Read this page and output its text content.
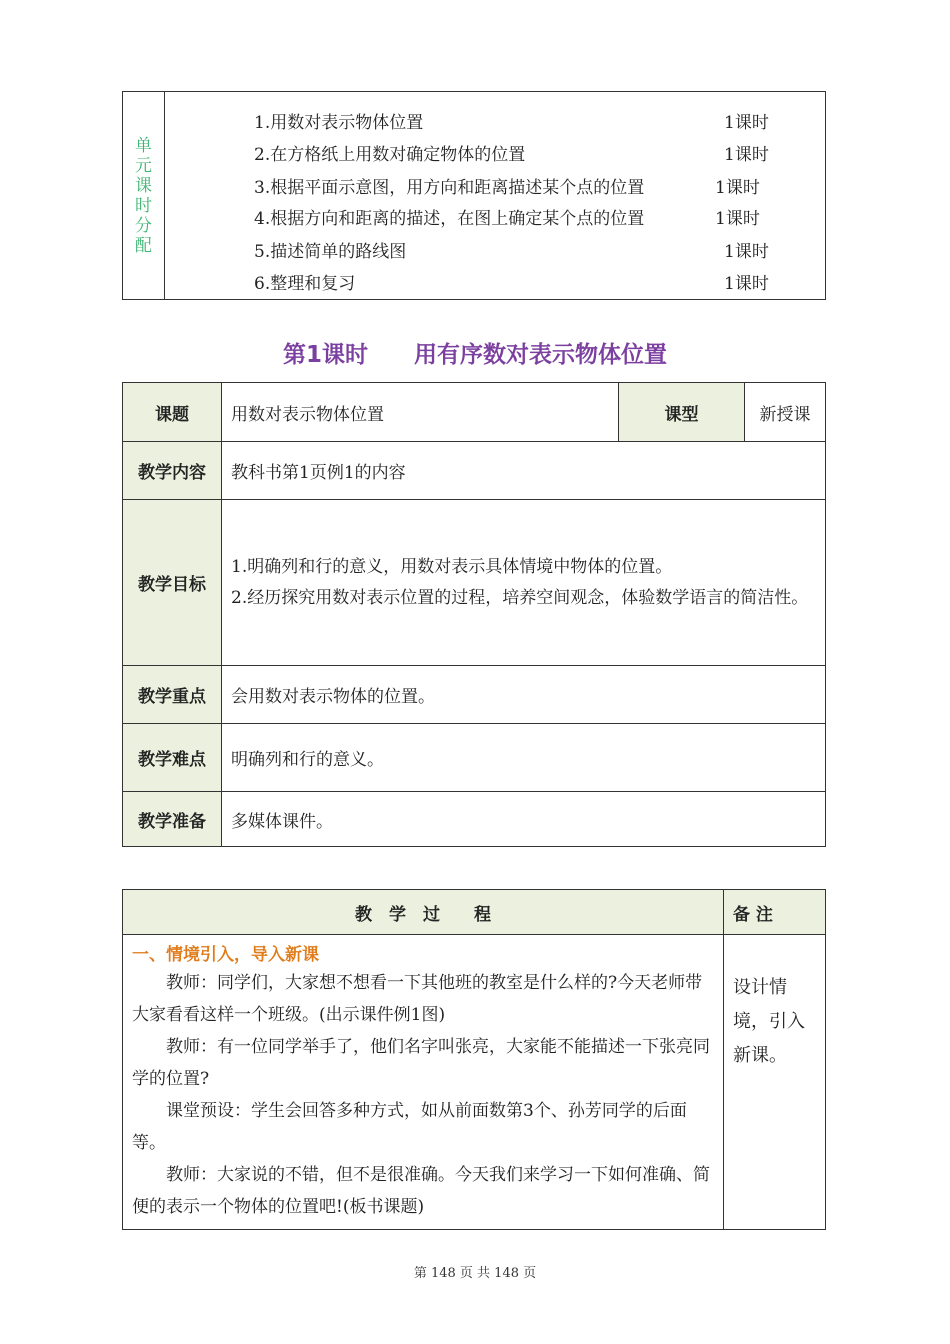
单元课时分配	
1.用数对表示物体位置	1课时
2.在方格纸上用数对确定物体的位置	1课时
3.根据平面示意图，用方向和距离描述某个点的位置	1课时
4.根据方向和距离的描述，在图上确定某个点的位置	1课时
5.描述简单的路线图	1课时
6.整理和复习	1课时
第1课时　　用有序数对表示物体位置
课题	用数对表示物体位置	课型	新授课
教学内容	教科书第1页例1的内容		
教学目标	1.明确列和行的意义，用数对表示具体情境中物体的位置。
2.经历探究用数对表示位置的过程，培养空间观念，体验数学语言的简洁性。		

教学重点	会用数对表示物体的位置。		
教学难点	明确列和行的意义。		
教学准备	多媒体课件。		
教　学　过　　程	备 注

一、情境引入，导入新课

教师：同学们，大家想不想看一下其他班的教室是什么样的?今天老师带大家看看这样一个班级。(出示课件例1图)

教师：有一位同学举手了，他们名字叫张亮，大家能不能描述一下张亮同学的位置?

课堂预设：学生会回答多种方式，如从前面数第3个、孙芳同学的后面等。

教师：大家说的不错，但不是很准确。今天我们来学习一下如何准确、简便的表示一个物体的位置吧!(板书课题)	设计情境，引入新课。
第 148 页 共 148 页
